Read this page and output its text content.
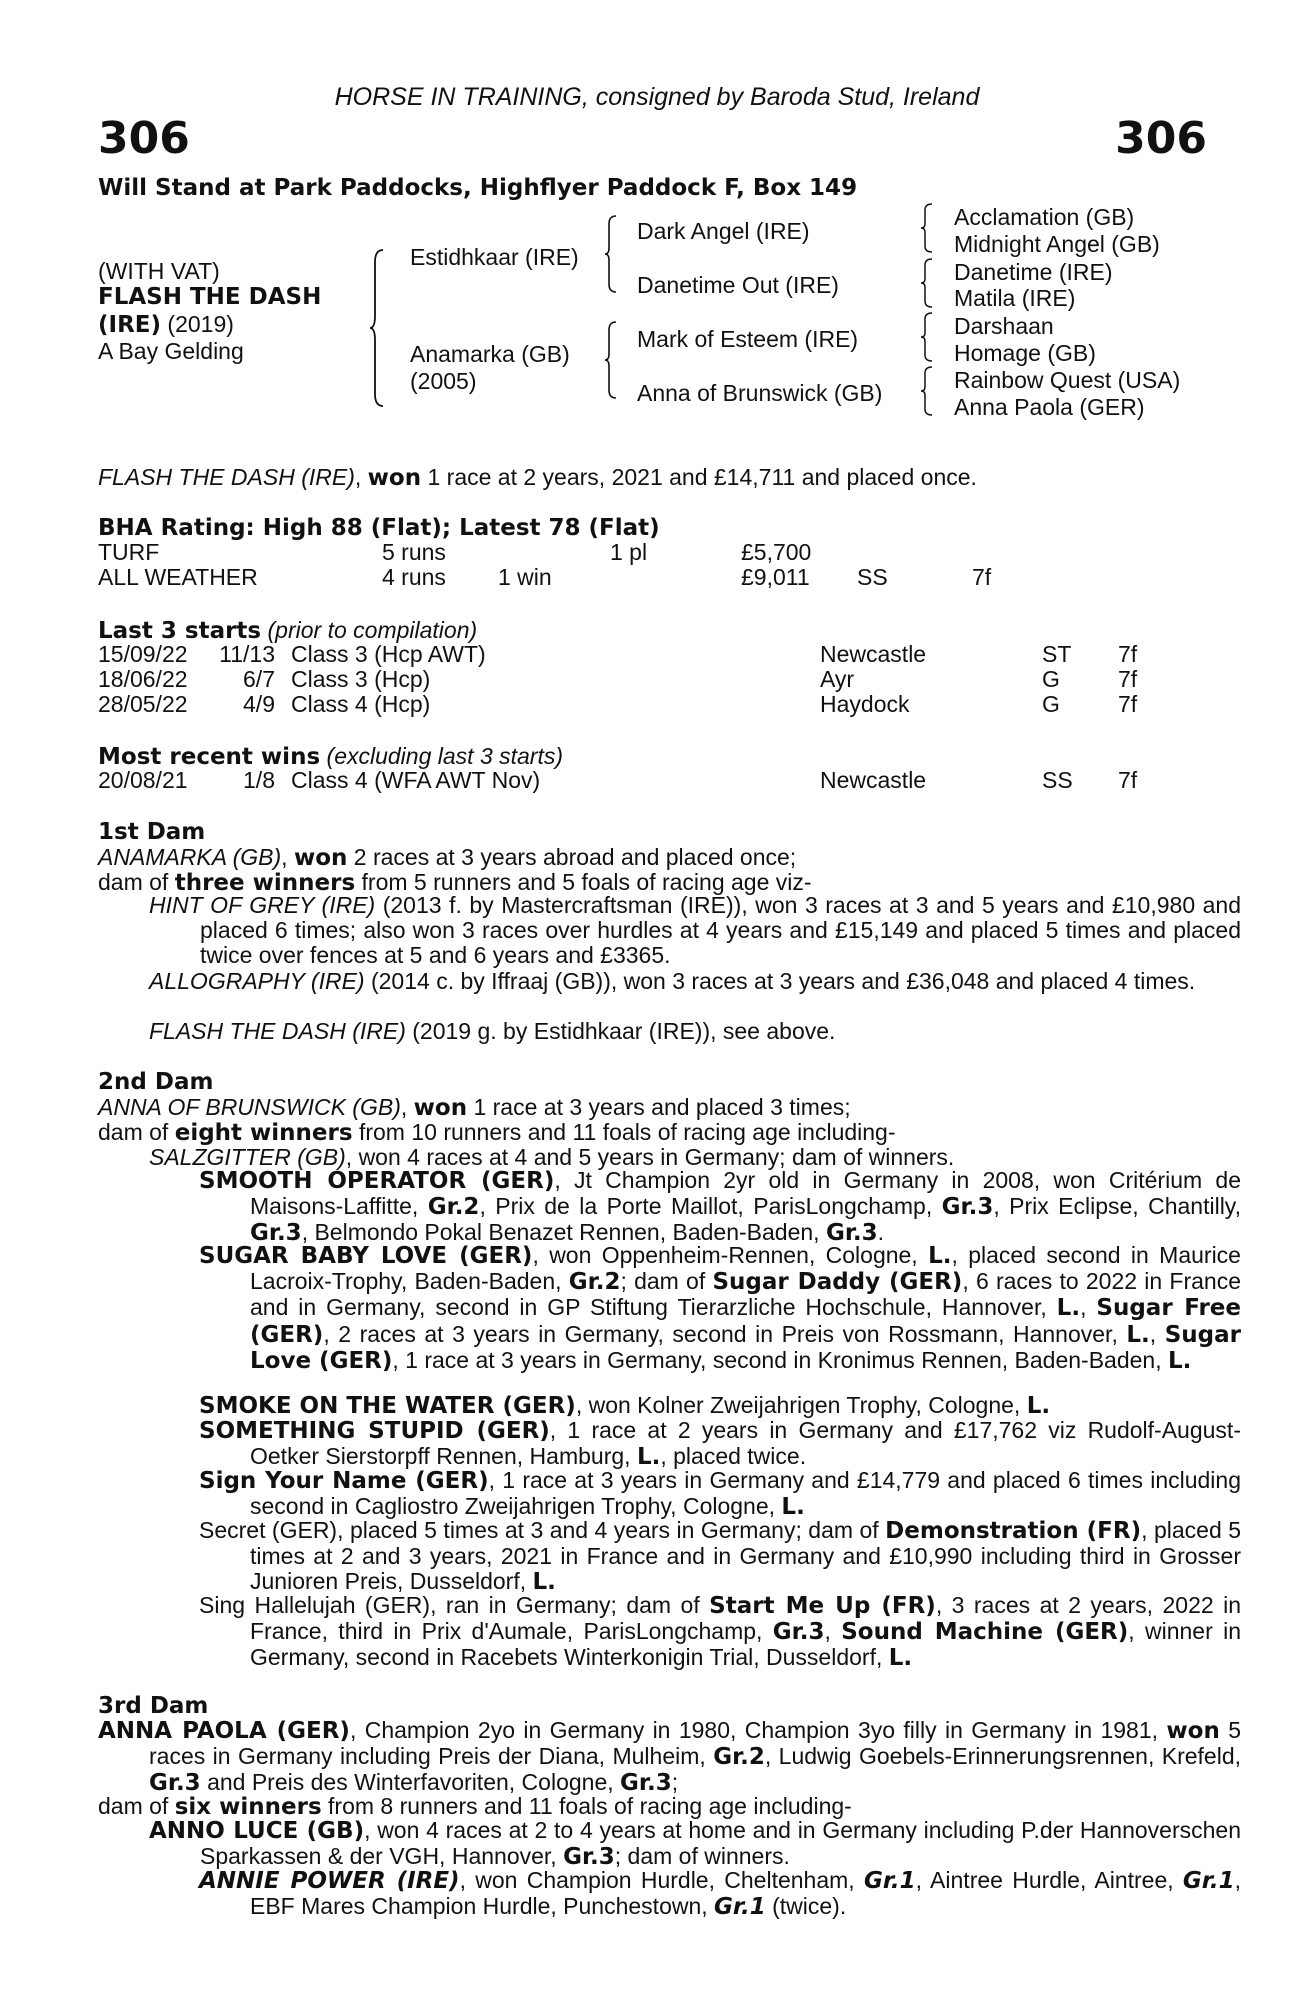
HORSE IN TRAINING, consigned by Baroda Stud, Ireland
306	306
Will Stand at Park Paddocks, Highflyer Paddock F, Box 149
(WITH VAT)
FLASH THE DASH
(IRE) (2019)
A Bay Gelding
Estidhkaar (IRE)
Anamarka (GB)
(2005)
Dark Angel (IRE)
Danetime Out (IRE)
Mark of Esteem (IRE)
Anna of Brunswick (GB)
Acclamation (GB)
Midnight Angel (GB)
Danetime (IRE)
Matila (IRE)
Darshaan
Homage (GB)
Rainbow Quest (USA)
Anna Paola (GER)
FLASH THE DASH (IRE), won 1 race at 2 years, 2021 and £14,711 and placed once.
BHA Rating: High 88 (Flat); Latest 78 (Flat)
TURF	5 runs	1 pl	£5,700
ALL WEATHER	4 runs 1 win	£9,011 SS	7f
Last 3 starts (prior to compilation)
15/09/22	11/13 Class 3 (Hcp AWT)	Newcastle	ST 7f
18/06/22	6/7 Class 3 (Hcp)	Ayr	G	7f
28/05/22	4/9 Class 4 (Hcp)	Haydock	G	7f
Most recent wins (excluding last 3 starts)
20/08/21	1/8 Class 4 (WFA AWT Nov)	Newcastle	SS 7f
1st Dam
ANAMARKA (GB), won 2 races at 3 years abroad and placed once;
dam of three winners from 5 runners and 5 foals of racing age viz-
HINT OF GREY (IRE) (2013 f. by Mastercraftsman (IRE)), won 3 races at 3 and 5 years and £10,980 and placed 6 times; also won 3 races over hurdles at 4 years and £15,149 and placed 5 times and placed twice over fences at 5 and 6 years and £3365.
ALLOGRAPHY (IRE) (2014 c. by Iffraaj (GB)), won 3 races at 3 years and £36,048 and placed 4 times.
FLASH THE DASH (IRE) (2019 g. by Estidhkaar (IRE)), see above.
2nd Dam
ANNA OF BRUNSWICK (GB), won 1 race at 3 years and placed 3 times;
dam of eight winners from 10 runners and 11 foals of racing age including-
SALZGITTER (GB), won 4 races at 4 and 5 years in Germany; dam of winners.
SMOOTH OPERATOR (GER), Jt Champion 2yr old in Germany in 2008, won Critérium de Maisons-Laffitte, Gr.2, Prix de la Porte Maillot, ParisLongchamp, Gr.3, Prix Eclipse, Chantilly, Gr.3, Belmondo Pokal Benazet Rennen, Baden-Baden, Gr.3.
SUGAR BABY LOVE (GER), won Oppenheim-Rennen, Cologne, L., placed second in Maurice Lacroix-Trophy, Baden-Baden, Gr.2; dam of Sugar Daddy (GER), 6 races to 2022 in France and in Germany, second in GP Stiftung Tierarzliche Hochschule, Hannover, L., Sugar Free (GER), 2 races at 3 years in Germany, second in Preis von Rossmann, Hannover, L., Sugar Love (GER), 1 race at 3 years in Germany, second in Kronimus Rennen, Baden-Baden, L.
SMOKE ON THE WATER (GER), won Kolner Zweijahrigen Trophy, Cologne, L.
SOMETHING STUPID (GER), 1 race at 2 years in Germany and £17,762 viz Rudolf-August-Oetker Sierstorpff Rennen, Hamburg, L., placed twice.
Sign Your Name (GER), 1 race at 3 years in Germany and £14,779 and placed 6 times including second in Cagliostro Zweijahrigen Trophy, Cologne, L.
Secret (GER), placed 5 times at 3 and 4 years in Germany; dam of Demonstration (FR), placed 5 times at 2 and 3 years, 2021 in France and in Germany and £10,990 including third in Grosser Junioren Preis, Dusseldorf, L.
Sing Hallelujah (GER), ran in Germany; dam of Start Me Up (FR), 3 races at 2 years, 2022 in France, third in Prix d'Aumale, ParisLongchamp, Gr.3, Sound Machine (GER), winner in Germany, second in Racebets Winterkonigin Trial, Dusseldorf, L.
3rd Dam
ANNA PAOLA (GER), Champion 2yo in Germany in 1980, Champion 3yo filly in Germany in 1981, won 5 races in Germany including Preis der Diana, Mulheim, Gr.2, Ludwig Goebels-Erinnerungsrennen, Krefeld, Gr.3 and Preis des Winterfavoriten, Cologne, Gr.3;
dam of six winners from 8 runners and 11 foals of racing age including-
ANNO LUCE (GB), won 4 races at 2 to 4 years at home and in Germany including P.der Hannoverschen Sparkassen & der VGH, Hannover, Gr.3; dam of winners.
ANNIE POWER (IRE), won Champion Hurdle, Cheltenham, Gr.1, Aintree Hurdle, Aintree, Gr.1, EBF Mares Champion Hurdle, Punchestown, Gr.1 (twice).
